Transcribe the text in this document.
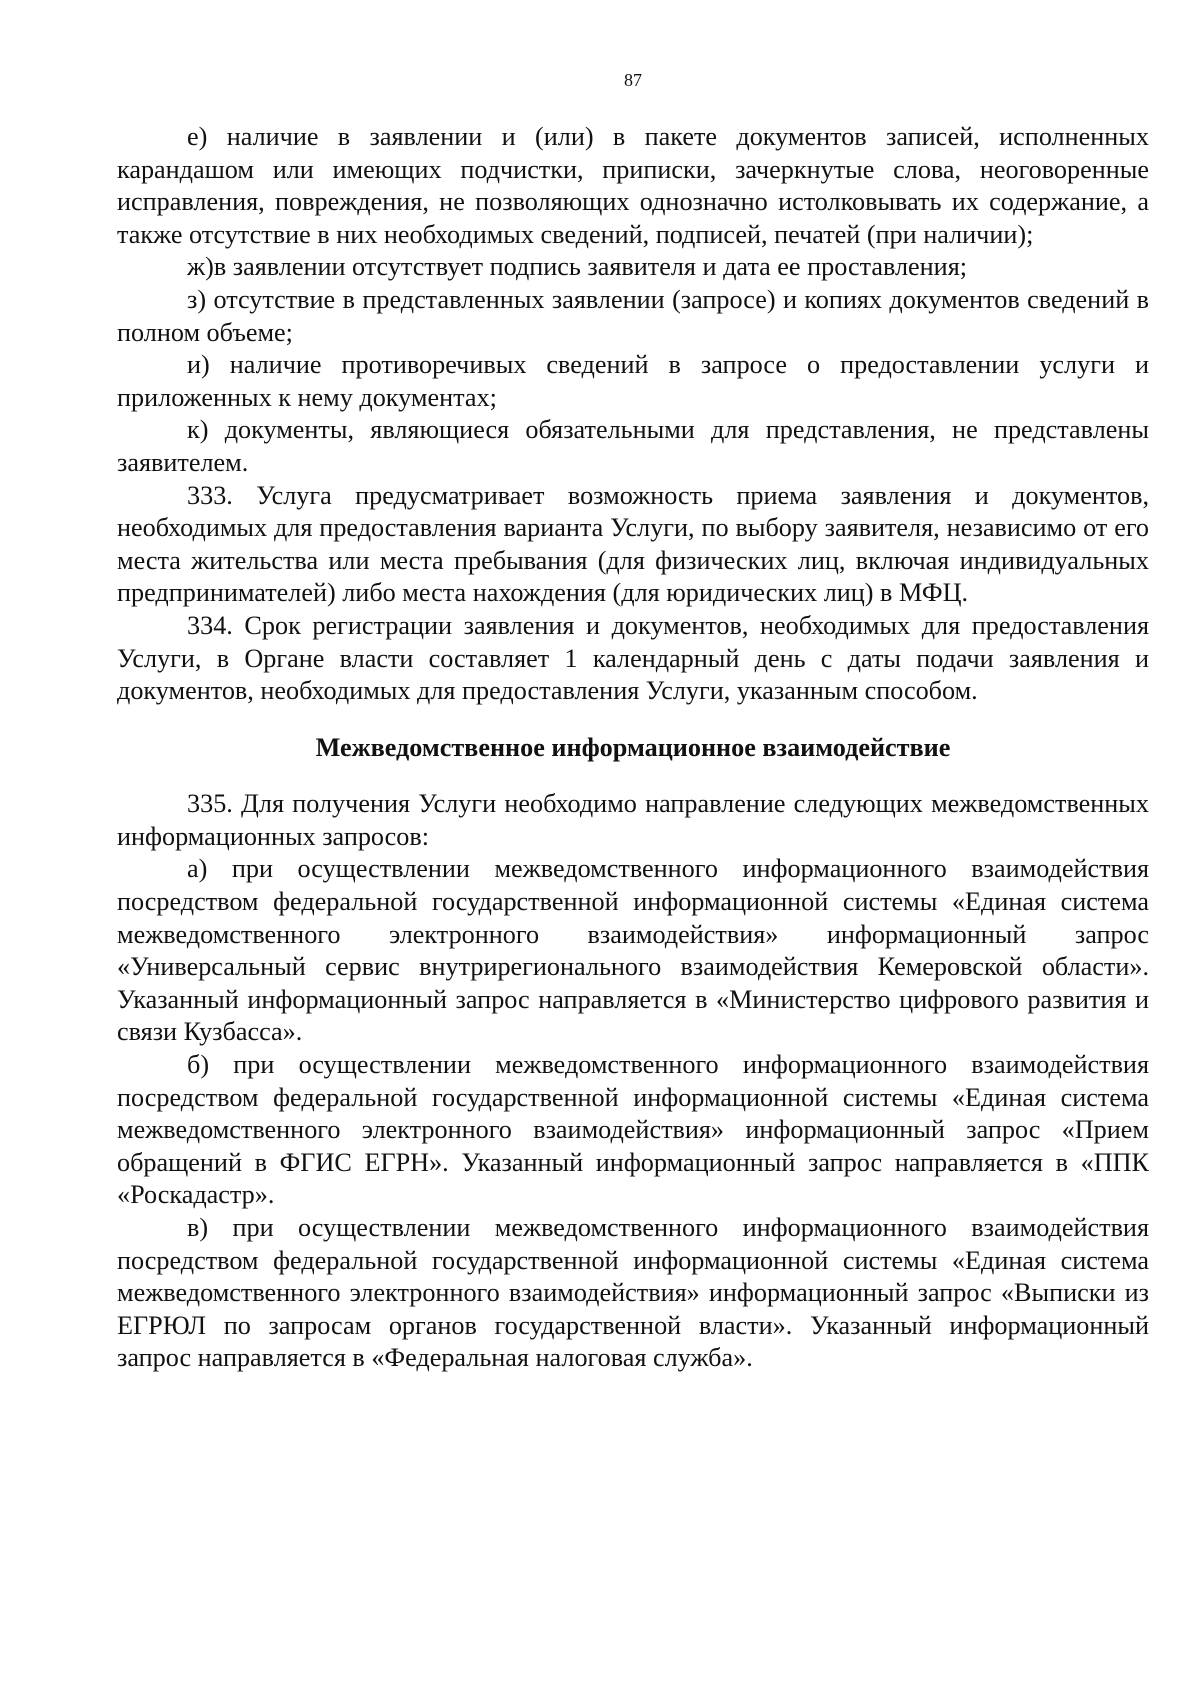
87

е) наличие в заявлении и (или) в пакете документов записей, исполненных карандашом или имеющих подчистки, приписки, зачеркнутые слова, неоговоренные исправления, повреждения, не позволяющих однозначно истолковывать их содержание, а также отсутствие в них необходимых сведений, подписей, печатей (при наличии);

ж)в заявлении отсутствует подпись заявителя и дата ее проставления;

з) отсутствие в представленных заявлении (запросе) и копиях документов сведений в полном объеме;

и) наличие противоречивых сведений в запросе о предоставлении услуги и приложенных к нему документах;

к) документы, являющиеся обязательными для представления, не представлены заявителем.

333. Услуга предусматривает возможность приема заявления и документов, необходимых для предоставления варианта Услуги, по выбору заявителя, независимо от его места жительства или места пребывания (для физических лиц, включая индивидуальных предпринимателей) либо места нахождения (для юридических лиц) в МФЦ.

334. Срок регистрации заявления и документов, необходимых для предоставления Услуги, в Органе власти составляет 1 календарный день с даты подачи заявления и документов, необходимых для предоставления Услуги, указанным способом.

Межведомственное информационное взаимодействие

335. Для получения Услуги необходимо направление следующих межведомственных информационных запросов:

а) при осуществлении межведомственного информационного взаимодействия посредством федеральной государственной информационной системы «Единая система межведомственного электронного взаимодействия» информационный запрос «Универсальный сервис внутрирегионального взаимодействия Кемеровской области». Указанный информационный запрос направляется в «Министерство цифрового развития и связи Кузбасса».

б) при осуществлении межведомственного информационного взаимодействия посредством федеральной государственной информационной системы «Единая система межведомственного электронного взаимодействия» информационный запрос «Прием обращений в ФГИС ЕГРН». Указанный информационный запрос направляется в «ППК «Роскадастр».

в) при осуществлении межведомственного информационного взаимодействия посредством федеральной государственной информационной системы «Единая система межведомственного электронного взаимодействия» информационный запрос «Выписки из ЕГРЮЛ по запросам органов государственной власти». Указанный информационный запрос направляется в «Федеральная налоговая служба».
